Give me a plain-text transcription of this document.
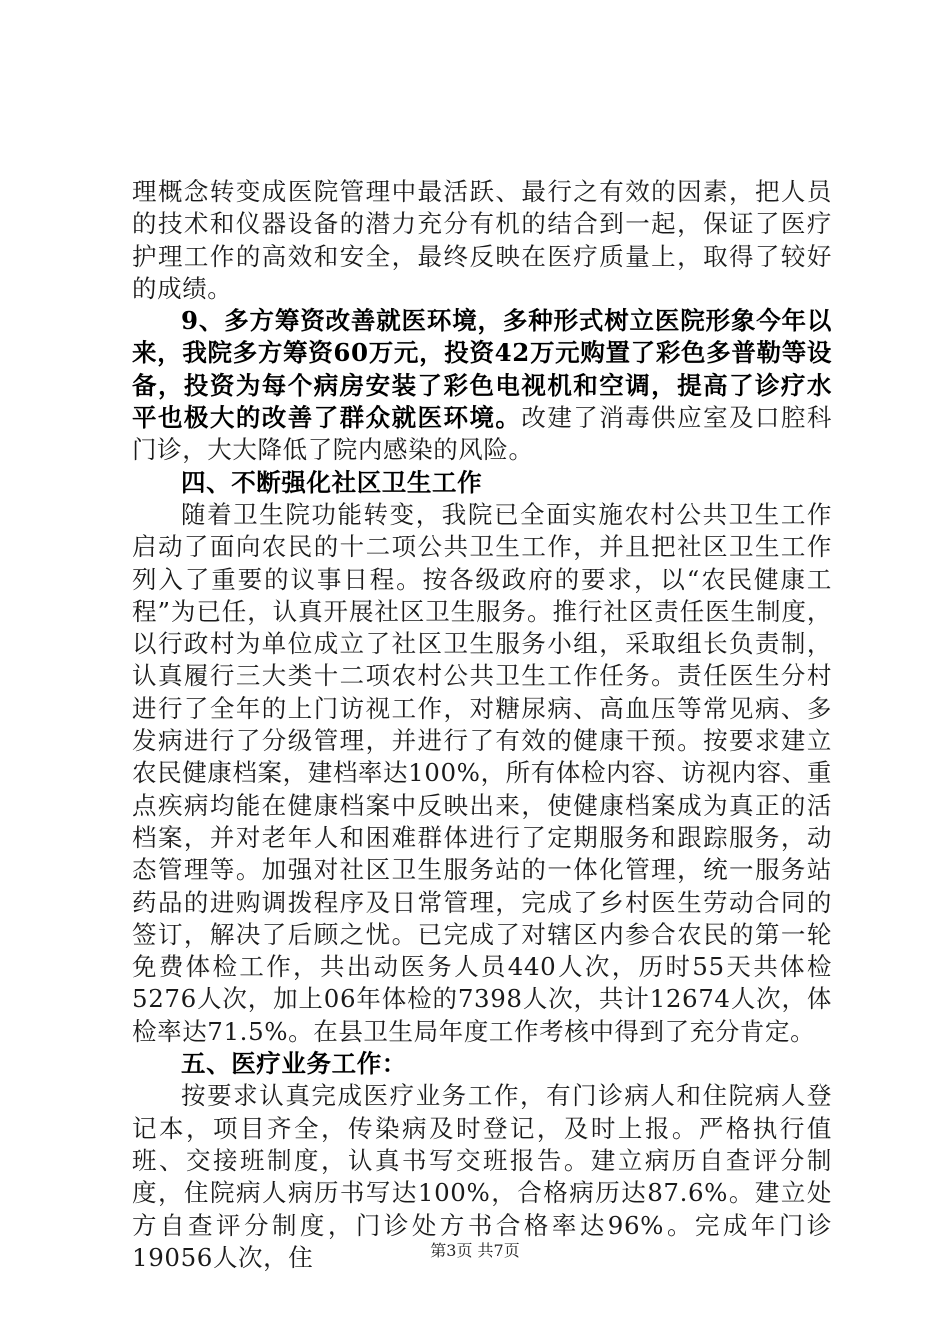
理概念转变成医院管理中最活跃、最行之有效的因素，把人员的技术和仪器设备的潜力充分有机的结合到一起，保证了医疗护理工作的高效和安全，最终反映在医疗质量上，取得了较好的成绩。

9、多方筹资改善就医环境，多种形式树立医院形象今年以来，我院多方筹资60万元，投资42万元购置了彩色多普勒等设备，投资为每个病房安装了彩色电视机和空调，提高了诊疗水平也极大的改善了群众就医环境。改建了消毒供应室及口腔科门诊，大大降低了院内感染的风险。

四、不断强化社区卫生工作

随着卫生院功能转变，我院已全面实施农村公共卫生工作启动了面向农民的十二项公共卫生工作，并且把社区卫生工作列入了重要的议事日程。按各级政府的要求，以“农民健康工程”为已任，认真开展社区卫生服务。推行社区责任医生制度，以行政村为单位成立了社区卫生服务小组，采取组长负责制，认真履行三大类十二项农村公共卫生工作任务。责任医生分村进行了全年的上门访视工作，对糖尿病、高血压等常见病、多发病进行了分级管理，并进行了有效的健康干预。按要求建立农民健康档案，建档率达100%，所有体检内容、访视内容、重点疾病均能在健康档案中反映出来，使健康档案成为真正的活档案，并对老年人和困难群体进行了定期服务和跟踪服务，动态管理等。加强对社区卫生服务站的一体化管理，统一服务站药品的进购调拨程序及日常管理，完成了乡村医生劳动合同的签订，解决了后顾之忧。已完成了对辖区内参合农民的第一轮免费体检工作，共出动医务人员440人次，历时55天共体检5276人次，加上06年体检的7398人次，共计12674人次，体检率达71.5%。在县卫生局年度工作考核中得到了充分肯定。

五、医疗业务工作：

按要求认真完成医疗业务工作，有门诊病人和住院病人登记本，项目齐全，传染病及时登记，及时上报。严格执行值班、交接班制度，认真书写交班报告。建立病历自查评分制度，住院病人病历书写达100%，合格病历达87.6%。建立处方自查评分制度，门诊处方书合格率达96%。完成年门诊19056人次，住	第3页 共7页
